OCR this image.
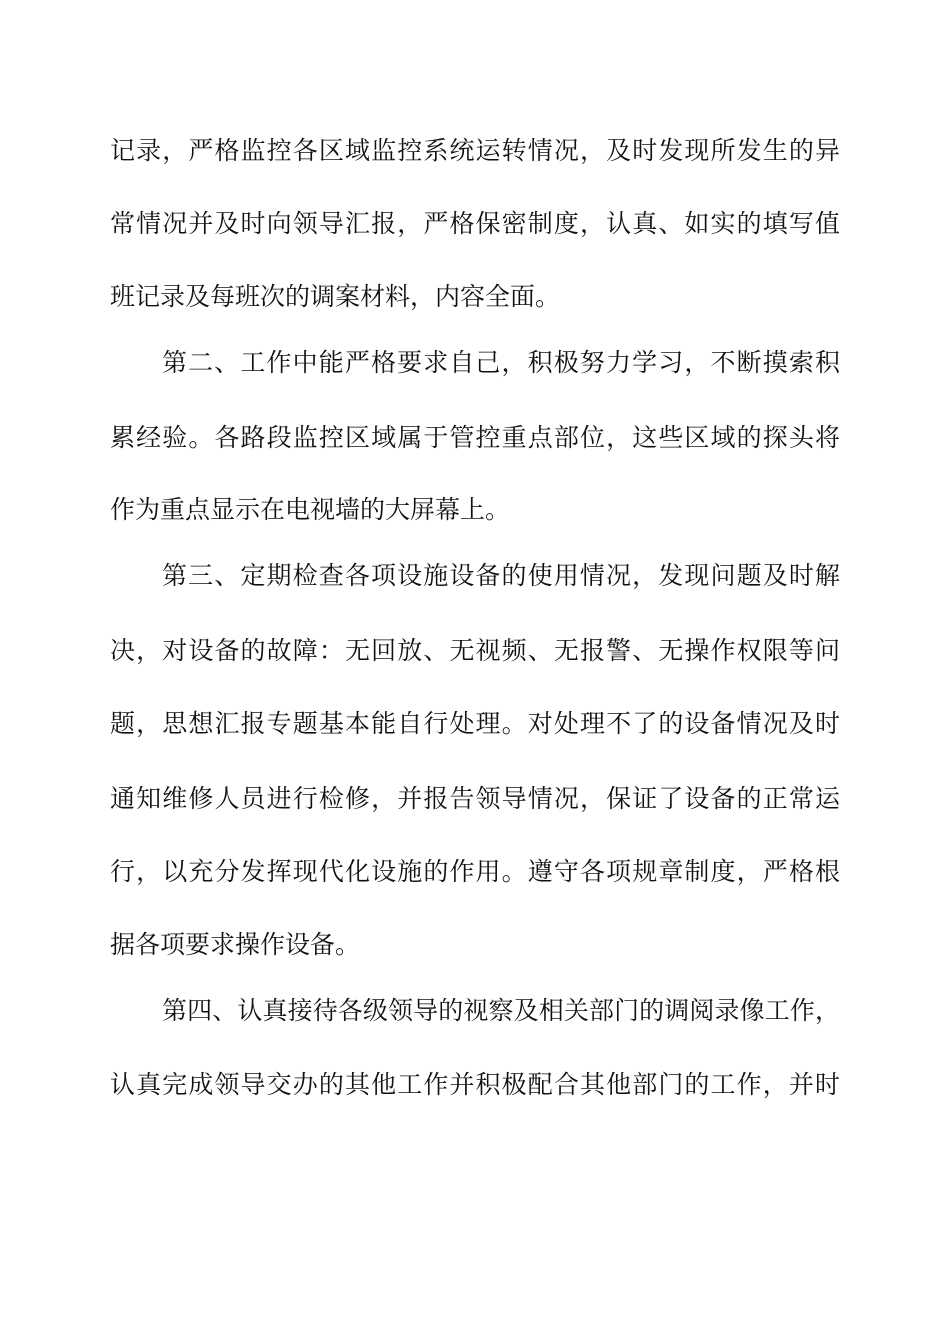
记录，严格监控各区域监控系统运转情况，及时发现所发生的异
常情况并及时向领导汇报，严格保密制度，认真、如实的填写值
班记录及每班次的调案材料，内容全面。
第二、工作中能严格要求自己，积极努力学习，不断摸索积
累经验。各路段监控区域属于管控重点部位，这些区域的探头将
作为重点显示在电视墙的大屏幕上。
第三、定期检查各项设施设备的使用情况，发现问题及时解
决，对设备的故障：无回放、无视频、无报警、无操作权限等问
题，思想汇报专题基本能自行处理。对处理不了的设备情况及时
通知维修人员进行检修，并报告领导情况，保证了设备的正常运
行，以充分发挥现代化设施的作用。遵守各项规章制度，严格根
据各项要求操作设备。
第四、认真接待各级领导的视察及相关部门的调阅录像工作，
认真完成领导交办的其他工作并积极配合其他部门的工作，并时
